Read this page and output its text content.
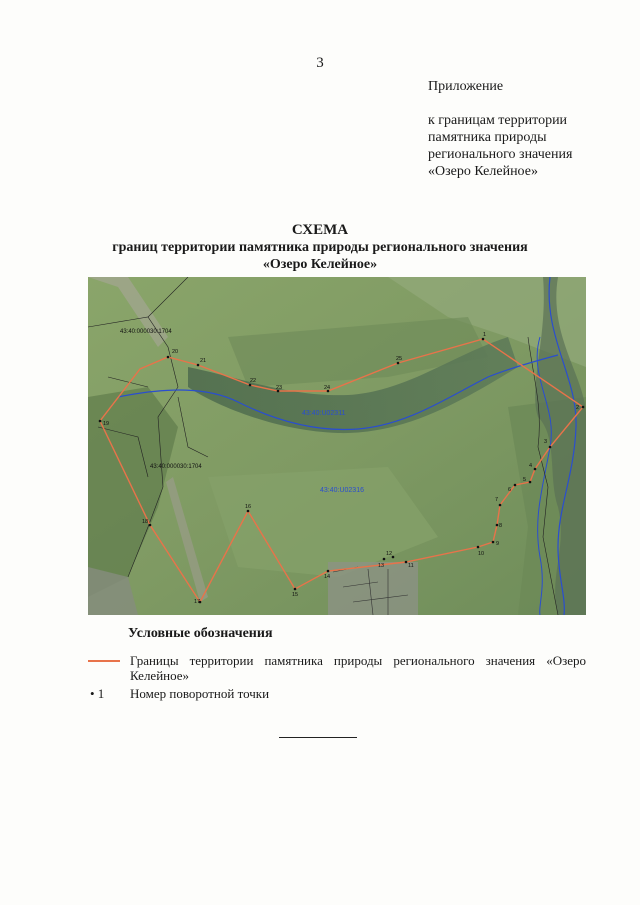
3
Приложение
к границам территории
памятника природы
регионального значения
«Озеро Келейное»
СХЕМА
границ территории памятника природы регионального значения
«Озеро Келейное»
43:40:000030:1704
43:40:000030:1704
43:40:U02311
43:40:U02316
20
21
22
23	24
25
1
2
3
4
5
6
7
8
9
10
11
12
13
14
15
16
17
18
19
Условные обозначения
Границы территории памятника природы регионального значения «Озеро Келейное»
• 1 Номер поворотной точки
